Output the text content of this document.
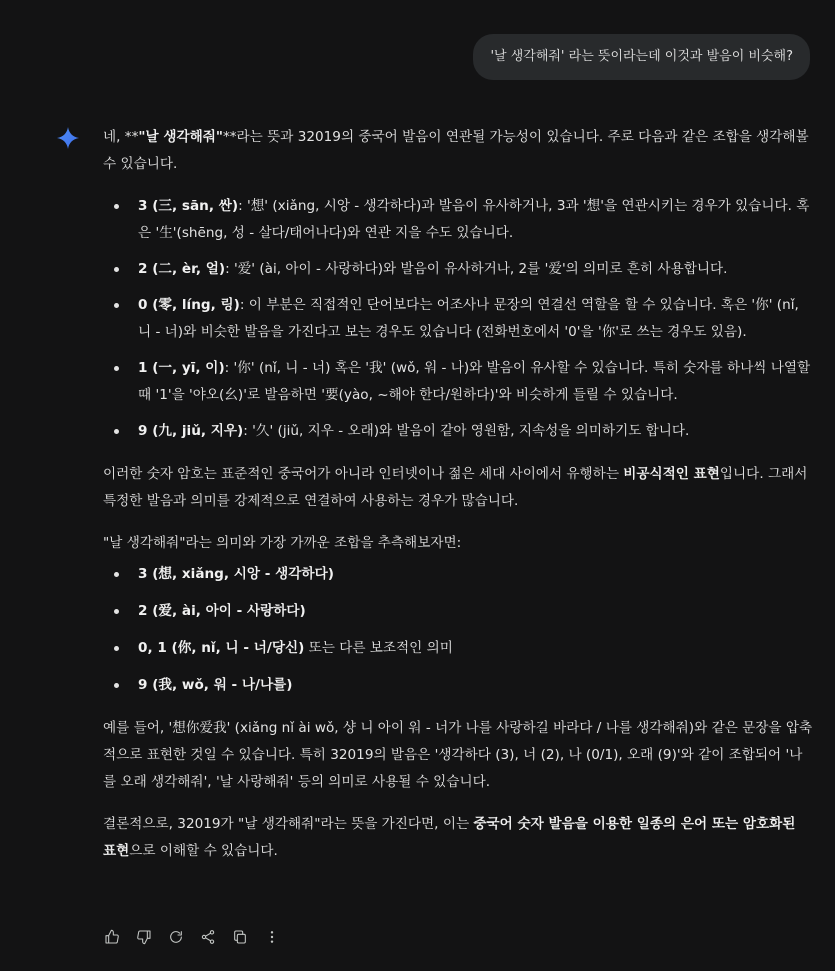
'날 생각해줘' 라는 뜻이라는데 이것과 발음이 비슷해?

네, **"날 생각해줘"**라는 뜻과 32019의 중국어 발음이 연관될 가능성이 있습니다. 주로 다음과 같은 조합을 생각해볼 수 있습니다.

3 (三, sān, 싼): '想' (xiǎng, 시앙 - 생각하다)과 발음이 유사하거나, 3과 '想'을 연관시키는 경우가 있습니다. 혹은 '生'(shēng, 성 - 살다/태어나다)와 연관 지을 수도 있습니다.
2 (二, èr, 얼): '爱' (ài, 아이 - 사랑하다)와 발음이 유사하거나, 2를 '爱'의 의미로 흔히 사용합니다.
0 (零, líng, 링): 이 부분은 직접적인 단어보다는 어조사나 문장의 연결선 역할을 할 수 있습니다. 혹은 '你' (nǐ, 니 - 너)와 비슷한 발음을 가진다고 보는 경우도 있습니다 (전화번호에서 '0'을 '你'로 쓰는 경우도 있음).
1 (一, yī, 이): '你' (nǐ, 니 - 너) 혹은 '我' (wǒ, 워 - 나)와 발음이 유사할 수 있습니다. 특히 숫자를 하나씩 나열할 때 '1'을 '야오(幺)'로 발음하면 '要(yào, ~해야 한다/원하다)'와 비슷하게 들릴 수 있습니다.
9 (九, jiǔ, 지우): '久' (jiǔ, 지우 - 오래)와 발음이 같아 영원함, 지속성을 의미하기도 합니다.

이러한 숫자 암호는 표준적인 중국어가 아니라 인터넷이나 젊은 세대 사이에서 유행하는 비공식적인 표현입니다. 그래서 특정한 발음과 의미를 강제적으로 연결하여 사용하는 경우가 많습니다.

"날 생각해줘"라는 의미와 가장 가까운 조합을 추측해보자면:

3 (想, xiǎng, 시앙 - 생각하다)
2 (爱, ài, 아이 - 사랑하다)
0, 1 (你, nǐ, 니 - 너/당신) 또는 다른 보조적인 의미
9 (我, wǒ, 워 - 나/나를)

예를 들어, '想你爱我' (xiǎng nǐ ài wǒ, 샹 니 아이 워 - 너가 나를 사랑하길 바라다 / 나를 생각해줘)와 같은 문장을 압축적으로 표현한 것일 수 있습니다. 특히 32019의 발음은 '생각하다 (3), 너 (2), 나 (0/1), 오래 (9)'와 같이 조합되어 '나를 오래 생각해줘', '날 사랑해줘' 등의 의미로 사용될 수 있습니다.

결론적으로, 32019가 "날 생각해줘"라는 뜻을 가진다면, 이는 중국어 숫자 발음을 이용한 일종의 은어 또는 암호화된 표현으로 이해할 수 있습니다.
